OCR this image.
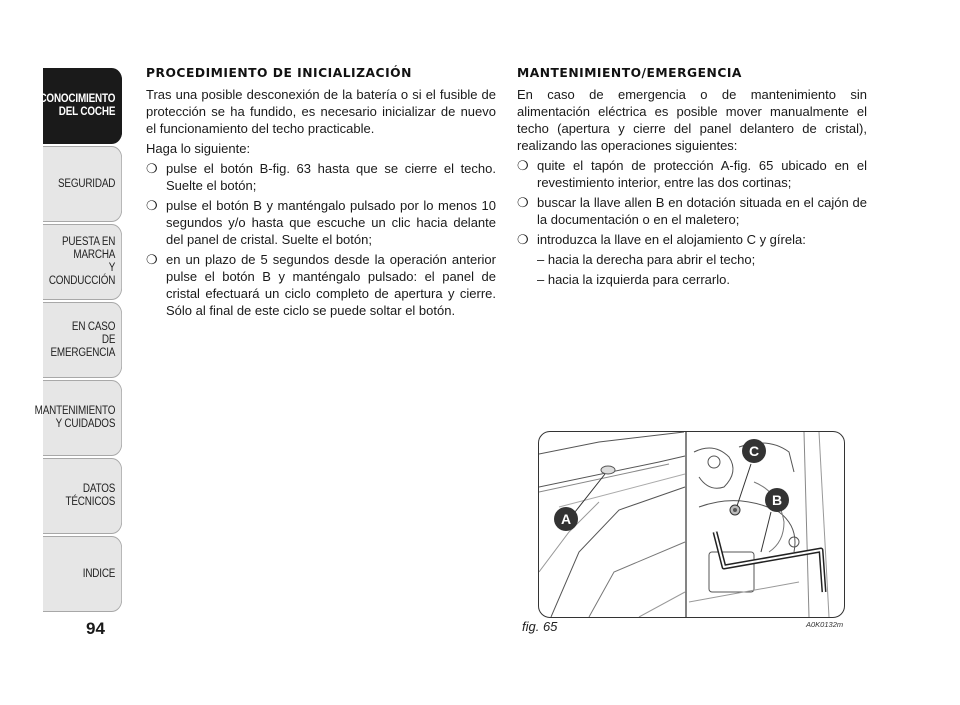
CONOCIMIENTO
DEL COCHE
SEGURIDAD
PUESTA EN MARCHA
Y CONDUCCIÓN
EN CASO
DE EMERGENCIA
MANTENIMIENTO
Y CUIDADOS
DATOS TÉCNICOS
INDICE
94
PROCEDIMIENTO DE INICIALIZACIÓN

Tras una posible desconexión de la batería o si el fusible de protección se ha fundido, es necesario inicializar de nuevo el funcionamiento del techo practicable.

Haga lo siguiente:

❍ pulse el botón B-fig. 63 hasta que se cierre el techo. Suelte el botón;
❍ pulse el botón B y manténgalo pulsado por lo menos 10 segundos y/o hasta que escuche un clic hacia delante del panel de cristal. Suelte el botón;
❍ en un plazo de 5 segundos desde la operación anterior pulse el botón B y manténgalo pulsado: el panel de cristal efectuará un ciclo completo de apertura y cierre. Sólo al final de este ciclo se puede soltar el botón.
MANTENIMIENTO/EMERGENCIA

En caso de emergencia o de mantenimiento sin alimentación eléctrica es posible mover manualmente el techo (apertura y cierre del panel delantero de cristal), realizando las operaciones siguientes:

❍ quite el tapón de protección A-fig. 65 ubicado en el revestimiento interior, entre las dos cortinas;
❍ buscar la llave allen B en dotación situada en el cajón de la documentación o en el maletero;
❍ introduzca la llave en el alojamiento C y gírela:
– hacia la derecha para abrir el techo;
– hacia la izquierda para cerrarlo.
A
B
C
fig. 65	A0K0132m
